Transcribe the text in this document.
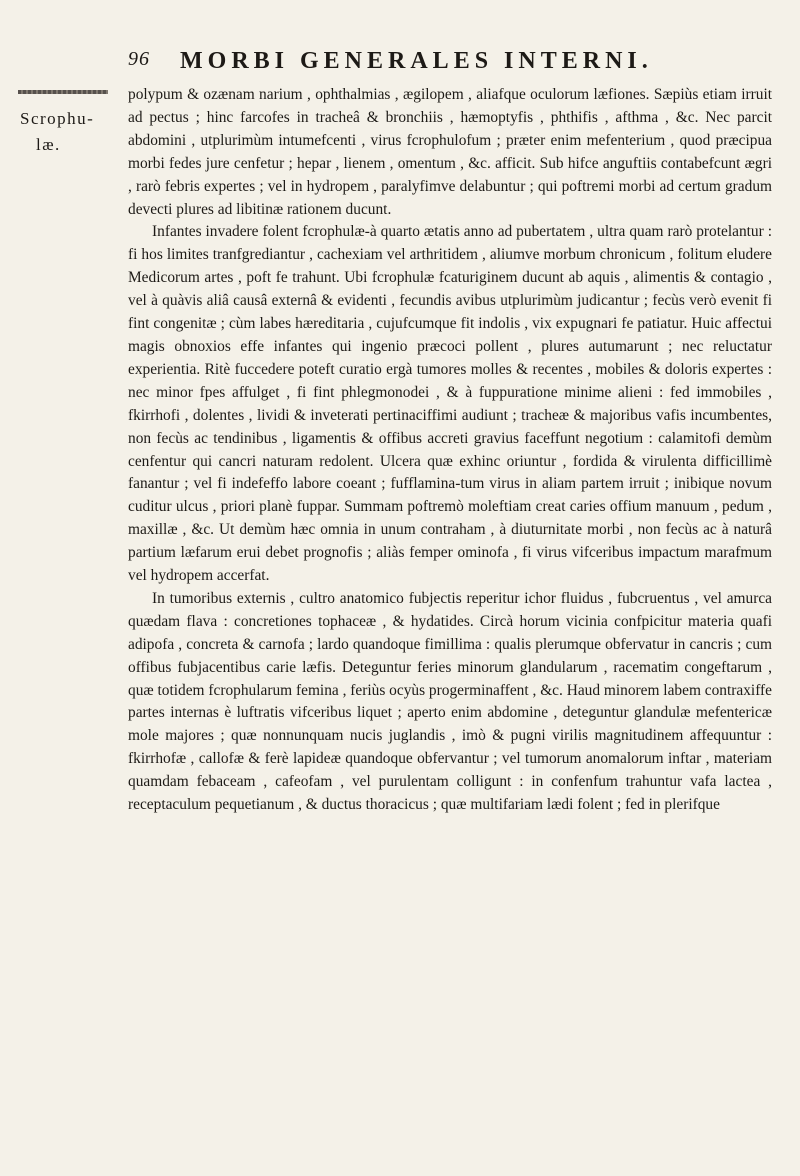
96 MORBI GENERALES INTERNI.
Scrophu-
læ.

polypum & ozænam narium , ophthalmias , ægilopem , aliafque oculorum læfiones. Sæpiùs etiam irruit ad pectus ; hinc farcofes in tracheâ & bronchiis , hæmoptyfis , phthifis , afthma , &c. Nec parcit abdomini , utplurimùm intumefcenti , virus fcrophulofum ; præter enim mefenterium , quod præcipua morbi fedes jure cenfetur ; hepar , lienem , omentum , &c. afficit. Sub hifce anguftiis contabefcunt ægri , rarò febris expertes ; vel in hydropem , paralyfimve delabuntur ; qui poftremi morbi ad certum gradum devecti plures ad libitinæ rationem ducunt.

Infantes invadere folent fcrophulæ-à quarto ætatis anno ad pubertatem , ultra quam rarò protelantur : fi hos limites tranfgrediantur , cachexiam vel arthritidem , aliumve morbum chronicum , folitum eludere Medicorum artes , poft fe trahunt. Ubi fcrophulæ fcaturiginem ducunt ab aquis , alimentis & contagio , vel à quàvis aliâ causâ externâ & evidenti , fecundis avibus utplurimùm judicantur ; fecùs verò evenit fi fint congenitæ ; cùm labes hæreditaria , cujufcumque fit indolis , vix expugnari fe patiatur. Huic affectui magis obnoxios effe infantes qui ingenio præcoci pollent , plures autumarunt ; nec reluctatur experientia. Ritè fuccedere poteft curatio ergà tumores molles & recentes , mobiles & doloris expertes : nec minor fpes affulget , fi fint phlegmonodei , & à fuppuratione minime alieni : fed immobiles , fkirrhofi , dolentes , lividi & inveterati pertinaciffimi audiunt ; tracheæ & majoribus vafis incumbentes, non fecùs ac tendinibus , ligamentis & offibus accreti gravius faceffunt negotium : calamitofi demùm cenfentur qui cancri naturam redolent. Ulcera quæ exhinc oriuntur , fordida & virulenta difficillimè fanantur ; vel fi indefeffo labore coeant ; fufflamina-tum virus in aliam partem irruit ; inibique novum cuditur ulcus , priori planè fuppar. Summam poftremò moleftiam creat caries offium manuum , pedum , maxillæ , &c. Ut demùm hæc omnia in unum contraham , à diuturnitate morbi , non fecùs ac à naturâ partium læfarum erui debet prognofis ; aliàs femper ominofa , fi virus vifceribus impactum marafmum vel hydropem accerfat.

In tumoribus externis , cultro anatomico fubjectis reperitur ichor fluidus , fubcruentus , vel amurca quædam flava : concretiones tophaceæ , & hydatides. Circà horum vicinia confpicitur materia quafi adipofa , concreta & carnofa ; lardo quandoque fimillima : qualis plerumque obfervatur in cancris ; cum offibus fubjacentibus carie læfis. Deteguntur feries minorum glandularum , racematim congeftarum , quæ totidem fcrophularum femina , feriùs ocyùs progerminaffent , &c. Haud minorem labem contraxiffe partes internas è luftratis vifceribus liquet ; aperto enim abdomine , deteguntur glandulæ mefentericæ mole majores ; quæ nonnunquam nucis juglandis , imò & pugni virilis magnitudinem affequuntur : fkirrhofæ , callofæ & ferè lapideæ quandoque obfervantur ; vel tumorum anomalorum inftar , materiam quamdam febaceam , cafeofam , vel purulentam colligunt : in confenfum trahuntur vafa lactea , receptaculum pequetianum , & ductus thoracicus ; quæ multifariam lædi folent ; fed in plerifque
